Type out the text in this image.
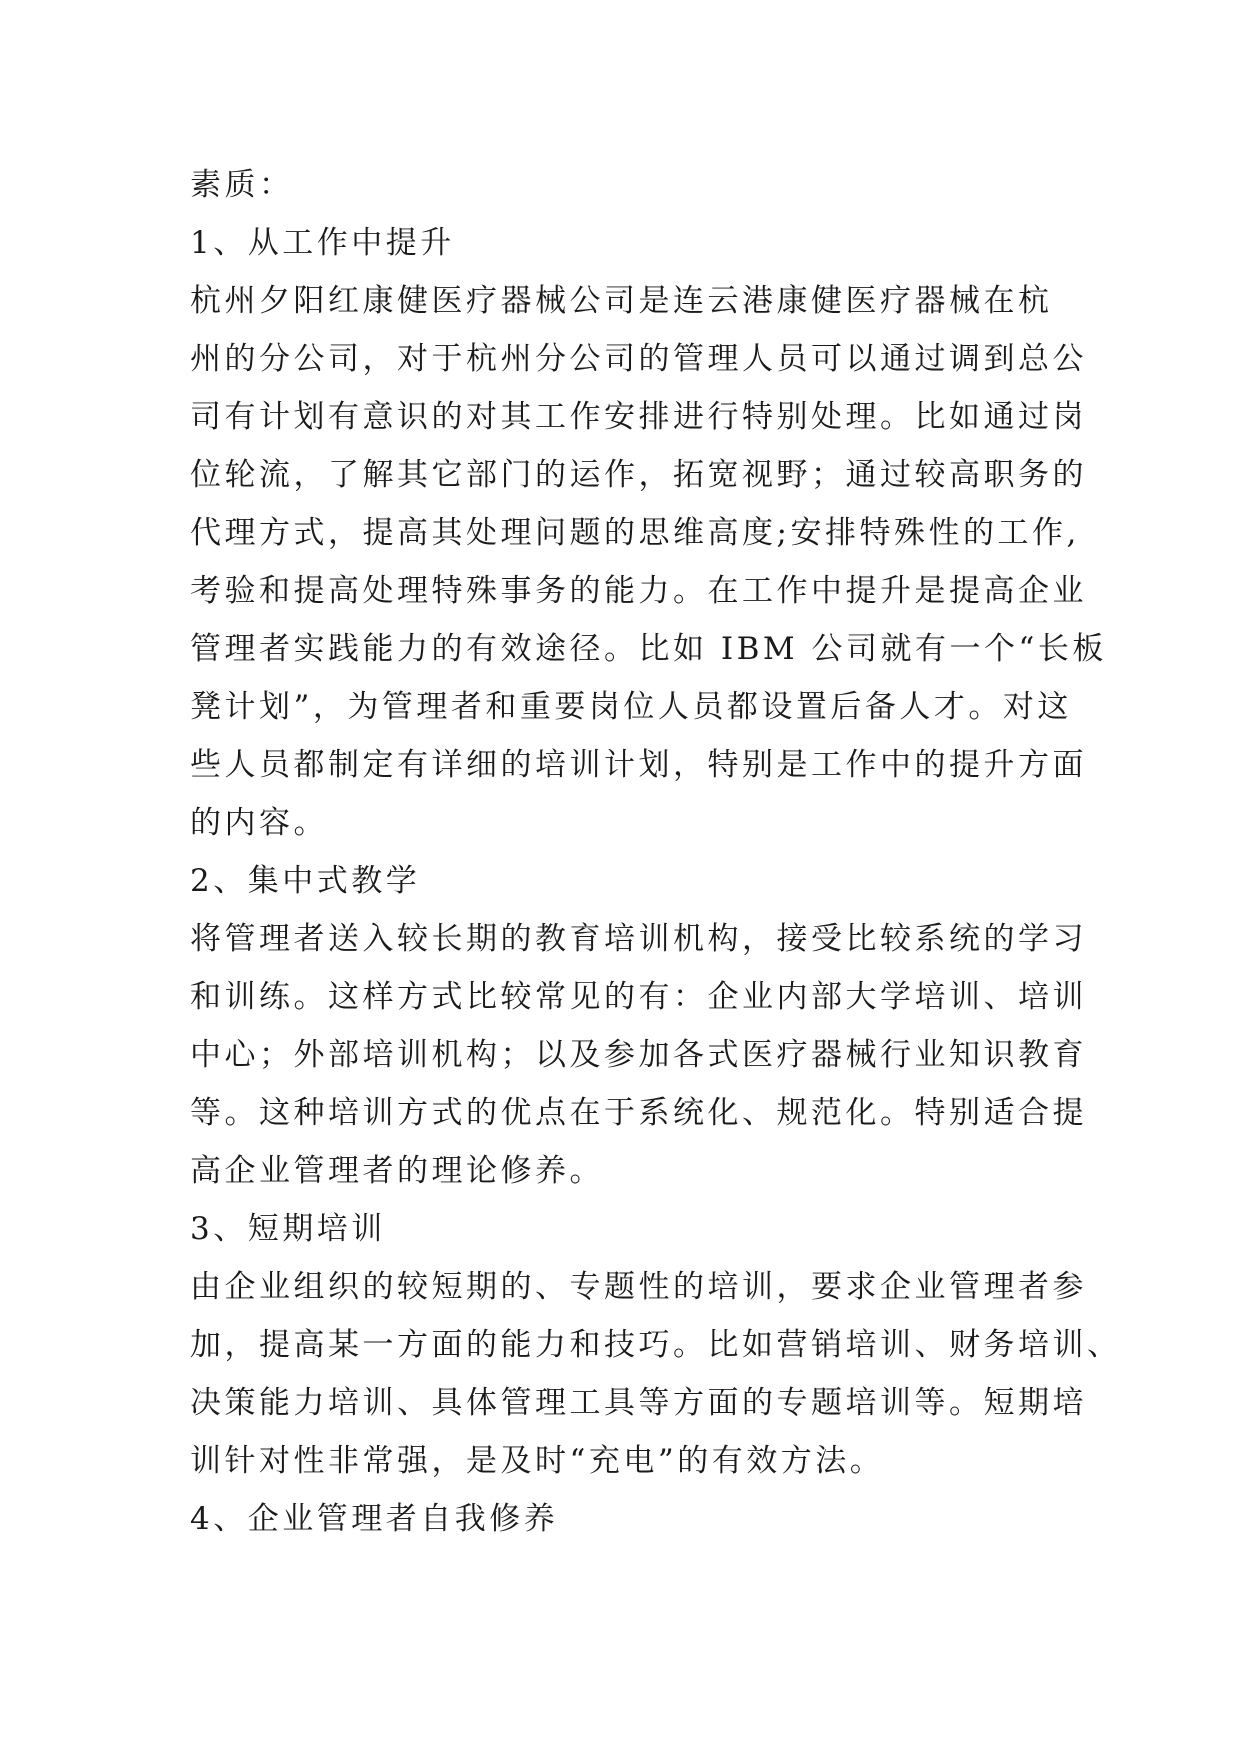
素质：
1、从工作中提升
杭州夕阳红康健医疗器械公司是连云港康健医疗器械在杭
州的分公司，对于杭州分公司的管理人员可以通过调到总公
司有计划有意识的对其工作安排进行特别处理。比如通过岗
位轮流，了解其它部门的运作，拓宽视野；通过较高职务的
代理方式，提高其处理问题的思维高度;安排特殊性的工作,
考验和提高处理特殊事务的能力。在工作中提升是提高企业
管理者实践能力的有效途径。比如 IBM 公司就有一个“长板
凳计划”，为管理者和重要岗位人员都设置后备人才。对这
些人员都制定有详细的培训计划，特别是工作中的提升方面
的内容。
2、集中式教学
将管理者送入较长期的教育培训机构，接受比较系统的学习
和训练。这样方式比较常见的有：企业内部大学培训、培训
中心；外部培训机构；以及参加各式医疗器械行业知识教育
等。这种培训方式的优点在于系统化、规范化。特别适合提
高企业管理者的理论修养。
3、短期培训
由企业组织的较短期的、专题性的培训，要求企业管理者参
加，提高某一方面的能力和技巧。比如营销培训、财务培训、
决策能力培训、具体管理工具等方面的专题培训等。短期培
训针对性非常强，是及时“充电”的有效方法。
4、企业管理者自我修养
